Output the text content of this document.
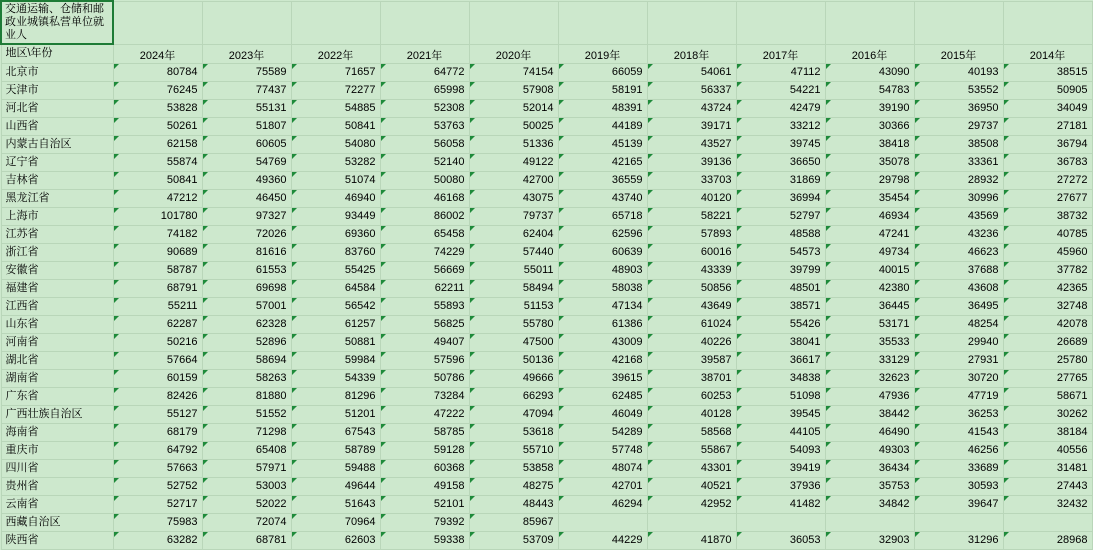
交通运输、仓储和邮政业城镇私营单位就业人											
地区\年份	2024年	2023年	2022年	2021年	2020年	2019年	2018年	2017年	2016年	2015年	2014年
北京市	80784	75589	71657	64772	74154	66059	54061	47112	43090	40193	38515
天津市	76245	77437	72277	65998	57908	58191	56337	54221	54783	53552	50905
河北省	53828	55131	54885	52308	52014	48391	43724	42479	39190	36950	34049
山西省	50261	51807	50841	53763	50025	44189	39171	33212	30366	29737	27181
内蒙古自治区	62158	60605	54080	56058	51336	45139	43527	39745	38418	38508	36794
辽宁省	55874	54769	53282	52140	49122	42165	39136	36650	35078	33361	36783
吉林省	50841	49360	51074	50080	42700	36559	33703	31869	29798	28932	27272
黑龙江省	47212	46450	46940	46168	43075	43740	40120	36994	35454	30996	27677
上海市	101780	97327	93449	86002	79737	65718	58221	52797	46934	43569	38732
江苏省	74182	72026	69360	65458	62404	62596	57893	48588	47241	43236	40785
浙江省	90689	81616	83760	74229	57440	60639	60016	54573	49734	46623	45960
安徽省	58787	61553	55425	56669	55011	48903	43339	39799	40015	37688	37782
福建省	68791	69698	64584	62211	58494	58038	50856	48501	42380	43608	42365
江西省	55211	57001	56542	55893	51153	47134	43649	38571	36445	36495	32748
山东省	62287	62328	61257	56825	55780	61386	61024	55426	53171	48254	42078
河南省	50216	52896	50881	49407	47500	43009	40226	38041	35533	29940	26689
湖北省	57664	58694	59984	57596	50136	42168	39587	36617	33129	27931	25780
湖南省	60159	58263	54339	50786	49666	39615	38701	34838	32623	30720	27765
广东省	82426	81880	81296	73284	66293	62485	60253	51098	47936	47719	58671
广西壮族自治区	55127	51552	51201	47222	47094	46049	40128	39545	38442	36253	30262
海南省	68179	71298	67543	58785	53618	54289	58568	44105	46490	41543	38184
重庆市	64792	65408	58789	59128	55710	57748	55867	54093	49303	46256	40556
四川省	57663	57971	59488	60368	53858	48074	43301	39419	36434	33689	31481
贵州省	52752	53003	49644	49158	48275	42701	40521	37936	35753	30593	27443
云南省	52717	52022	51643	52101	48443	46294	42952	41482	34842	39647	32432
西藏自治区	75983	72074	70964	79392	85967						
陕西省	63282	68781	62603	59338	53709	44229	41870	36053	32903	31296	28968
